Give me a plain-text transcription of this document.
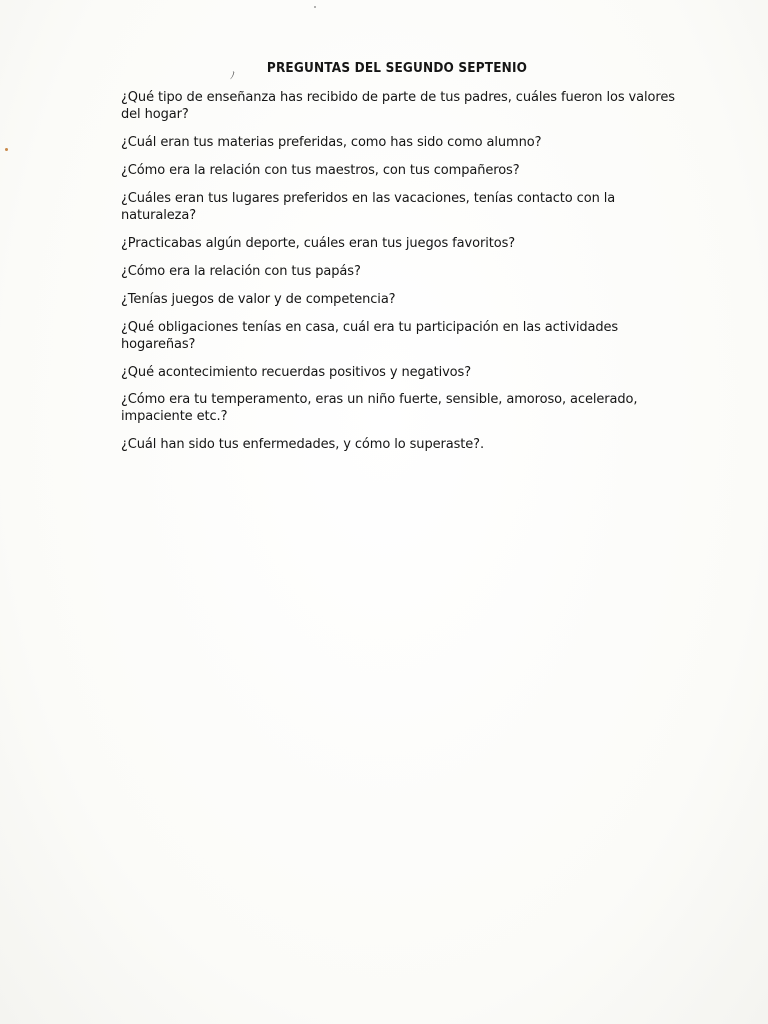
ﾉ
PREGUNTAS DEL SEGUNDO SEPTENIO
¿Qué tipo de enseñanza has recibido de parte de tus padres, cuáles fueron los valores del hogar?
¿Cuál eran tus materias preferidas, como has sido como alumno?
¿Cómo era la relación con tus maestros, con tus compañeros?
¿Cuáles eran tus lugares preferidos en las vacaciones, tenías contacto con la naturaleza?
¿Practicabas algún deporte, cuáles eran tus juegos favoritos?
¿Cómo era la relación con tus papás?
¿Tenías juegos de valor y de competencia?
¿Qué obligaciones tenías en casa, cuál era tu participación en las actividades hogareñas?
¿Qué acontecimiento recuerdas positivos y negativos?
¿Cómo era tu temperamento, eras un niño fuerte, sensible, amoroso, acelerado, impaciente etc.?
¿Cuál han sido tus enfermedades, y cómo lo superaste?.
